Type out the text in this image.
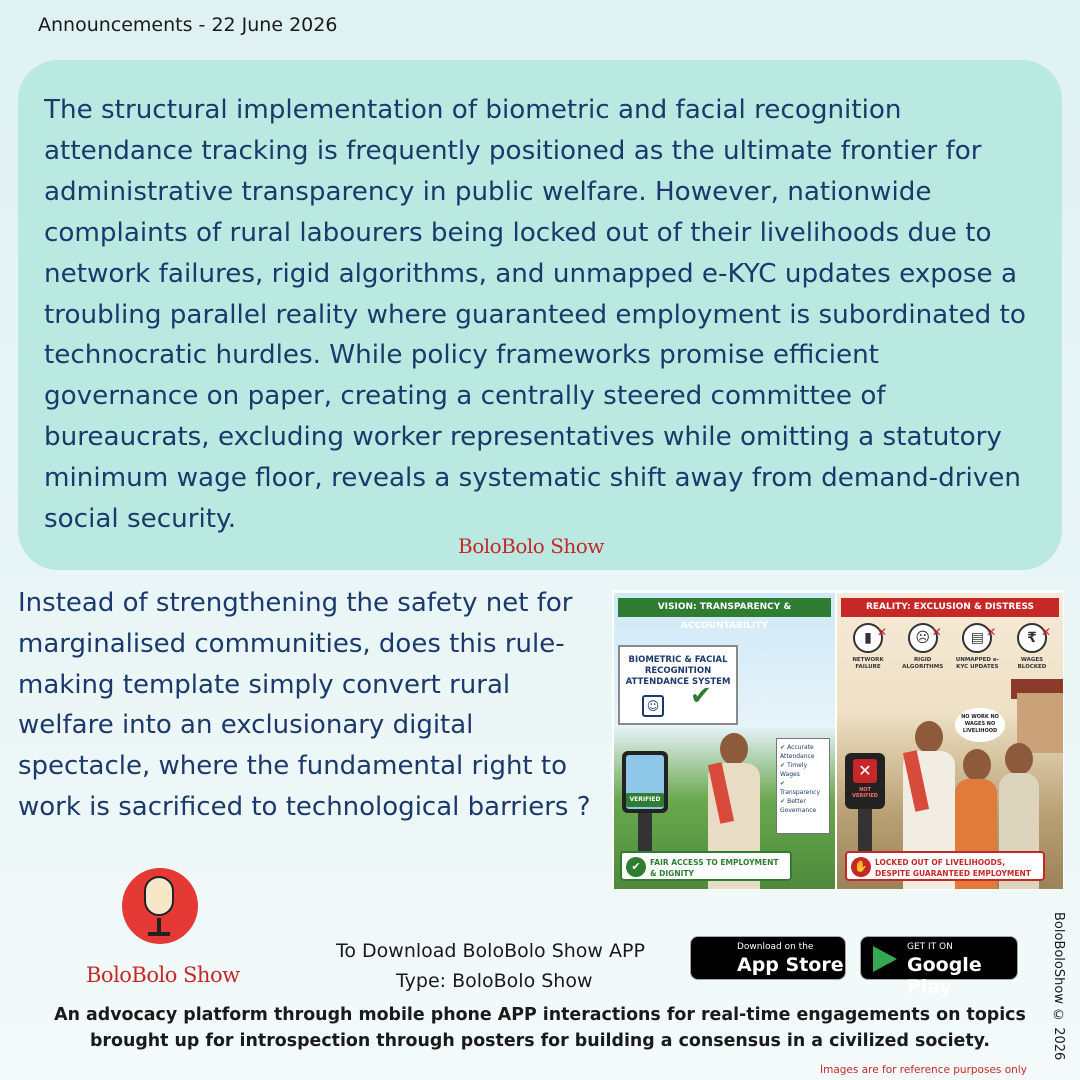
Announcements - 22 June 2026

The structural implementation of biometric and facial recognition attendance tracking is frequently positioned as the ultimate frontier for administrative transparency in public welfare. However, nationwide complaints of rural labourers being locked out of their livelihoods due to network failures, rigid algorithms, and unmapped e-KYC updates expose a troubling parallel reality where guaranteed employment is subordinated to technocratic hurdles. While policy frameworks promise efficient governance on paper, creating a centrally steered committee of bureaucrats, excluding worker representatives while omitting a statutory minimum wage floor, reveals a systematic shift away from demand-driven social security.

BoloBolo Show

Instead of strengthening the safety net for marginalised communities, does this rule-making template simply convert rural welfare into an exclusionary digital spectacle, where the fundamental right to work is sacrificed to technological barriers ?

VISION: TRANSPARENCY & ACCOUNTABILITY
BIOMETRIC & FACIAL RECOGNITION ATTENDANCE SYSTEM
☺ ✔
VERIFIED
✔ Accurate Attendance
✔ Timely Wages
✔ Transparency
✔ Better Governance
✔	FAIR ACCESS TO EMPLOYMENT & DIGNITY
REALITY: EXCLUSION & DISTRESS
▮ ✕
NETWORK FAILURE
☹ ✕
RIGID ALGORITHMS
▤ ✕
UNMAPPED e-KYC UPDATES
₹ ✕
WAGES BLOCKED
NO WORK NO WAGES NO LIVELIHOOD
✕
NOT VERIFIED
✋ LOCKED OUT OF LIVELIHOODS, DESPITE GUARANTEED EMPLOYMENT
BoloBolo Show
To Download BoloBolo Show APP
Type: BoloBolo Show
Download on the
App Store
GET IT ON
Google Play

An advocacy platform through mobile phone APP interactions for real-time engagements on topics brought up for introspection through posters for building a consensus in a civilized society.	BoloBoloShow © 2026
Images are for reference purposes only
